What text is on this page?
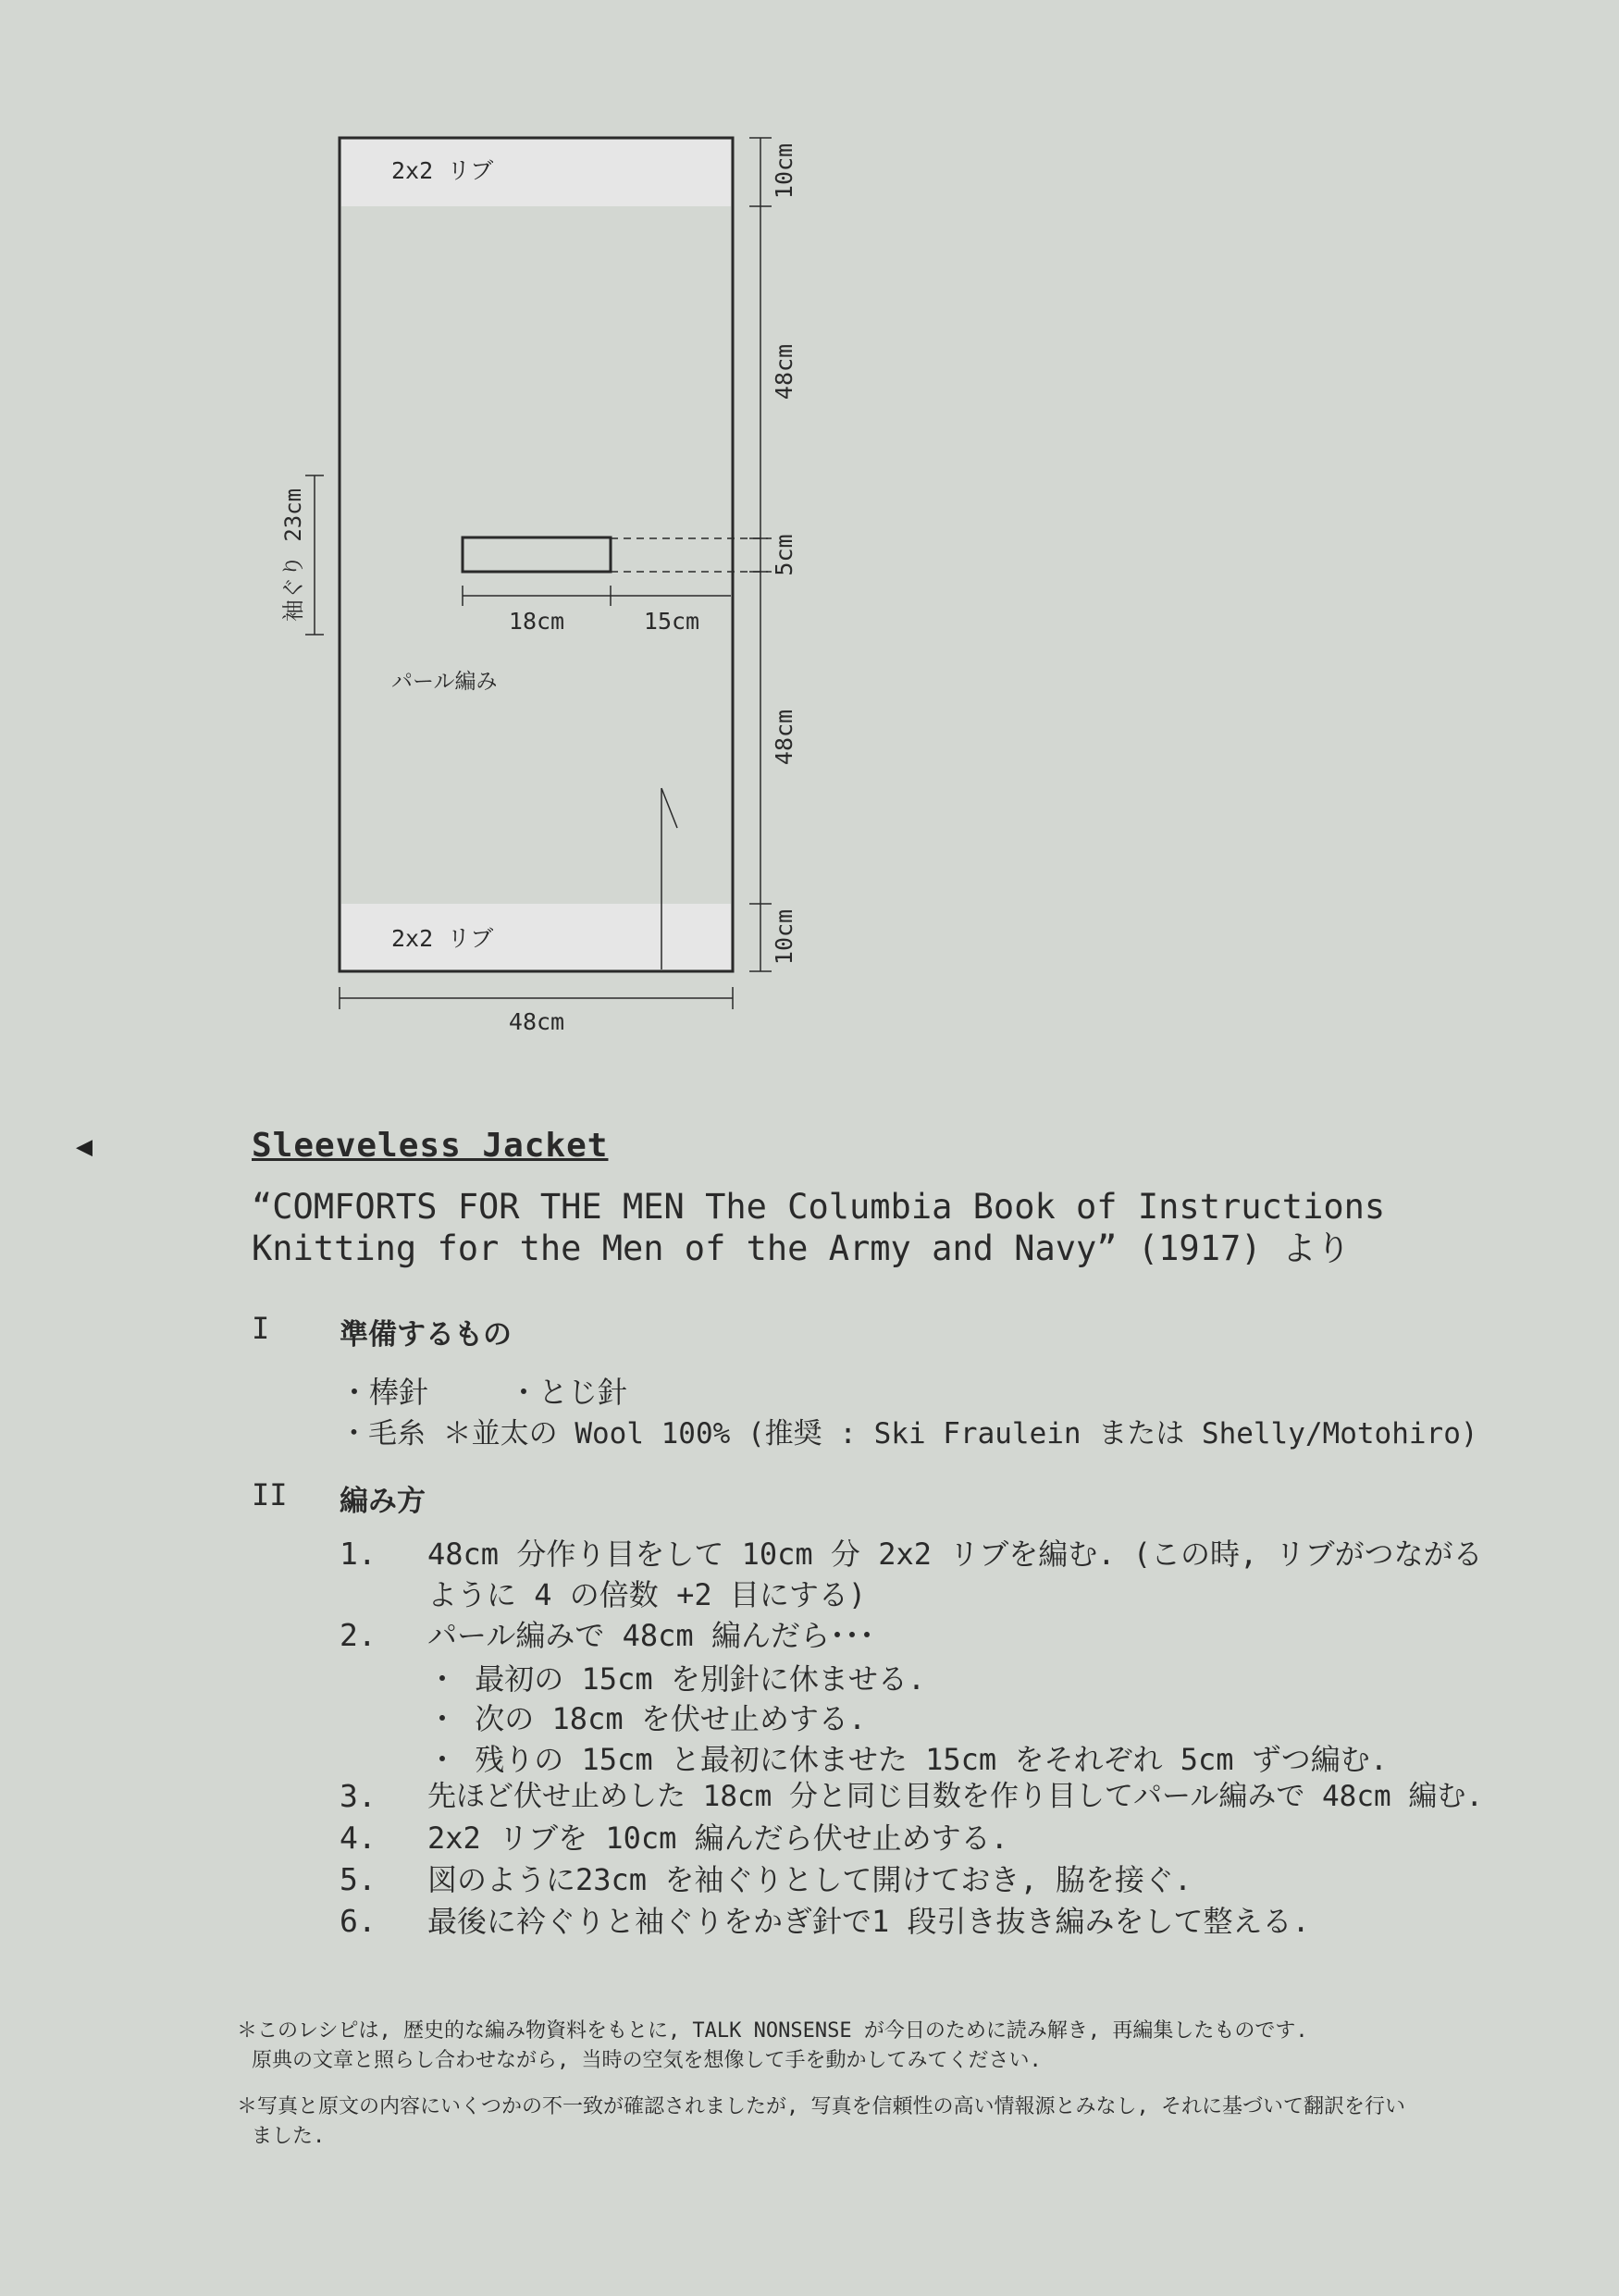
2x2 リブ
2x2 リブ
パール編み
18cm	15cm
10cm
48cm
5cm
48cm
10cm
袖ぐり 23cm
48cm
◀	Sleeveless Jacket
“COMFORTS FOR THE MEN The Columbia Book of Instructions
Knitting for the Men of the Army and Navy” (1917) より
I 準備するもの
・棒針	・とじ針
・毛糸 ＊並太の Wool 100% (推奨 : Ski Fraulein または Shelly/Motohiro)
II 編み方
1. 48cm 分作り目をして 10cm 分 2x2 リブを編む. (この時, リブがつながる
ように 4 の倍数 +2 目にする)
2. パール編みで 48cm 編んだら･･･
・ 最初の 15cm を別針に休ませる.
・ 次の 18cm を伏せ止めする.
・ 残りの 15cm と最初に休ませた 15cm をそれぞれ 5cm ずつ編む.
3. 先ほど伏せ止めした 18cm 分と同じ目数を作り目してパール編みで 48cm 編む.
4. 2x2 リブを 10cm 編んだら伏せ止めする.
5. 図のように23cm を袖ぐりとして開けておき, 脇を接ぐ.
6. 最後に衿ぐりと袖ぐりをかぎ針で1 段引き抜き編みをして整える.
＊このレシピは, 歴史的な編み物資料をもとに, TALK NONSENSE が今日のために読み解き, 再編集したものです.
原典の文章と照らし合わせながら, 当時の空気を想像して手を動かしてみてください.
＊写真と原文の内容にいくつかの不一致が確認されましたが, 写真を信頼性の高い情報源とみなし, それに基づいて翻訳を行い
ました.
